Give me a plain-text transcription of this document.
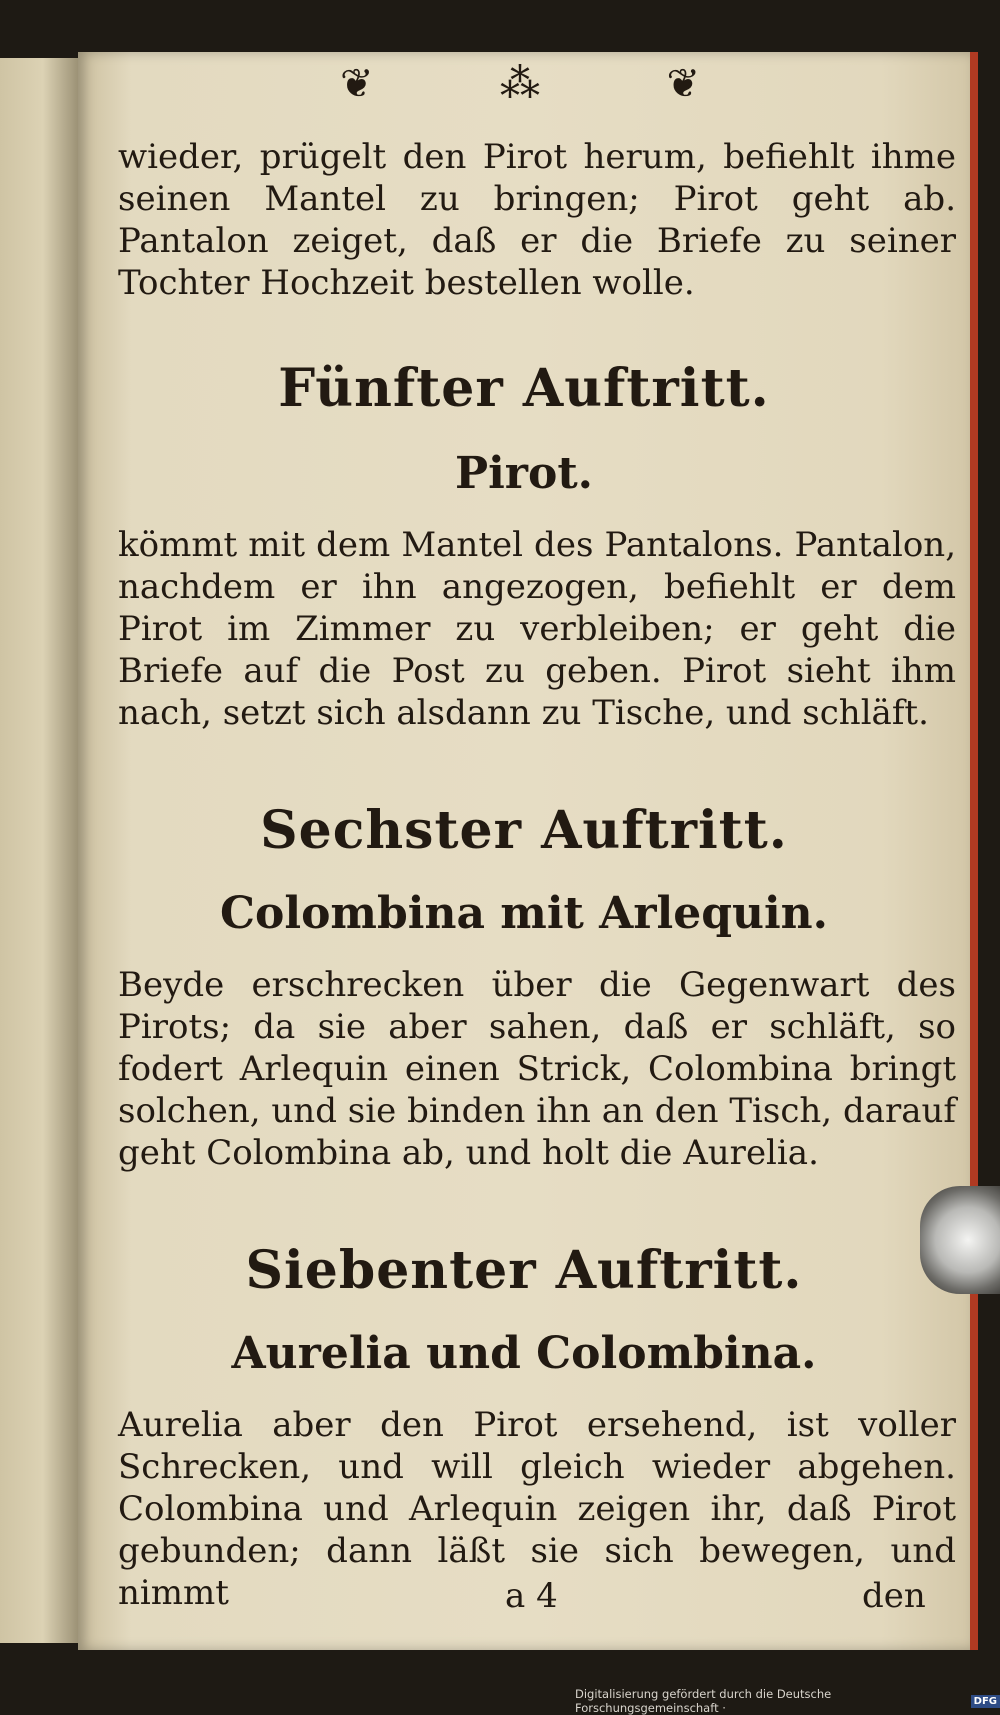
❦	⁂	❦
wieder, prügelt den Pirot herum, befiehlt ihme seinen Mantel zu bringen; Pirot geht ab. Pantalon zeiget, daß er die Briefe zu seiner Tochter Hochzeit bestellen wolle.
Fünfter Auftritt.
Pirot.
kömmt mit dem Mantel des Pantalons. Pantalon, nachdem er ihn angezogen, befiehlt er dem Pirot im Zimmer zu verbleiben; er geht die Briefe auf die Post zu geben. Pirot sieht ihm nach, setzt sich alsdann zu Tische, und schläft.
Sechster Auftritt.
Colombina mit Arlequin.
Beyde erschrecken über die Gegenwart des Pirots; da sie aber sahen, daß er schläft, so fodert Arlequin einen Strick, Colombina bringt solchen, und sie binden ihn an den Tisch, darauf geht Colombina ab, und holt die Aurelia.
Siebenter Auftritt.
Aurelia und Colombina.
Aurelia aber den Pirot ersehend, ist voller Schrecken, und will gleich wieder abgehen. Colombina und Arlequin zeigen ihr, daß Pirot gebunden; dann läßt sie sich bewegen, und nimmt	a 4	den
Digitalisierung gefördert durch die Deutsche Forschungsgemeinschaft ·	DFG
